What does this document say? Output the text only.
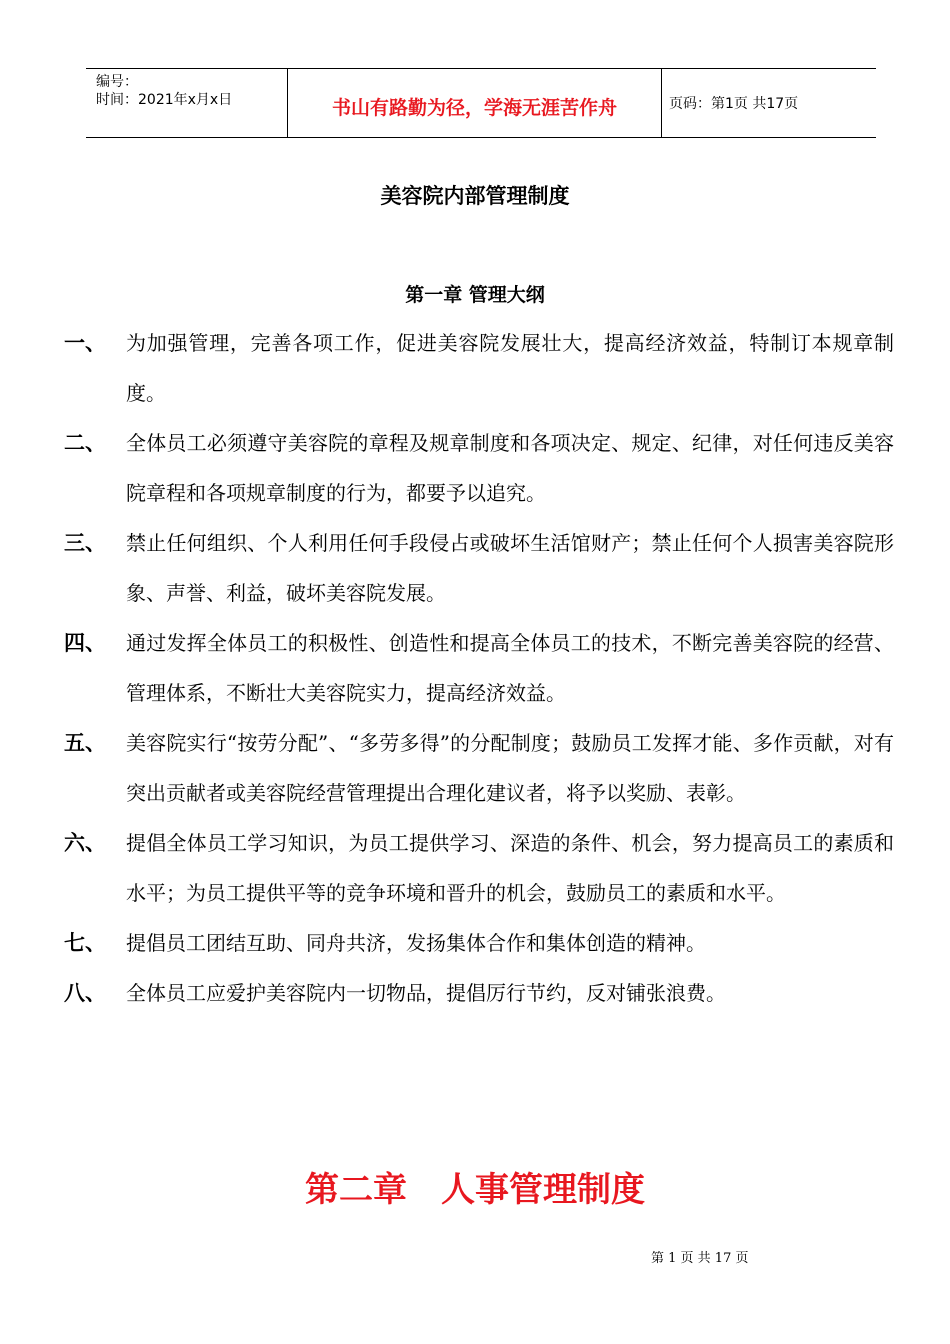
编号：
时间：2021年x月x日	书山有路勤为径，学海无涯苦作舟	页码：第1页 共17页
美容院内部管理制度
第一章 管理大纲
一、	为加强管理，完善各项工作，促进美容院发展壮大，提高经济效益，特制订本规章制度。
二、	全体员工必须遵守美容院的章程及规章制度和各项决定、规定、纪律，对任何违反美容院章程和各项规章制度的行为，都要予以追究。
三、	禁止任何组织、个人利用任何手段侵占或破坏生活馆财产；禁止任何个人损害美容院形象、声誉、利益，破坏美容院发展。
四、	通过发挥全体员工的积极性、创造性和提高全体员工的技术，不断完善美容院的经营、管理体系，不断壮大美容院实力，提高经济效益。
五、	美容院实行“按劳分配”、“多劳多得”的分配制度；鼓励员工发挥才能、多作贡献，对有突出贡献者或美容院经营管理提出合理化建议者，将予以奖励、表彰。
六、	提倡全体员工学习知识，为员工提供学习、深造的条件、机会，努力提高员工的素质和水平；为员工提供平等的竞争环境和晋升的机会，鼓励员工的素质和水平。
七、	提倡员工团结互助、同舟共济，发扬集体合作和集体创造的精神。
八、	全体员工应爱护美容院内一切物品，提倡厉行节约，反对铺张浪费。
第二章　人事管理制度
第 1 页 共 17 页
